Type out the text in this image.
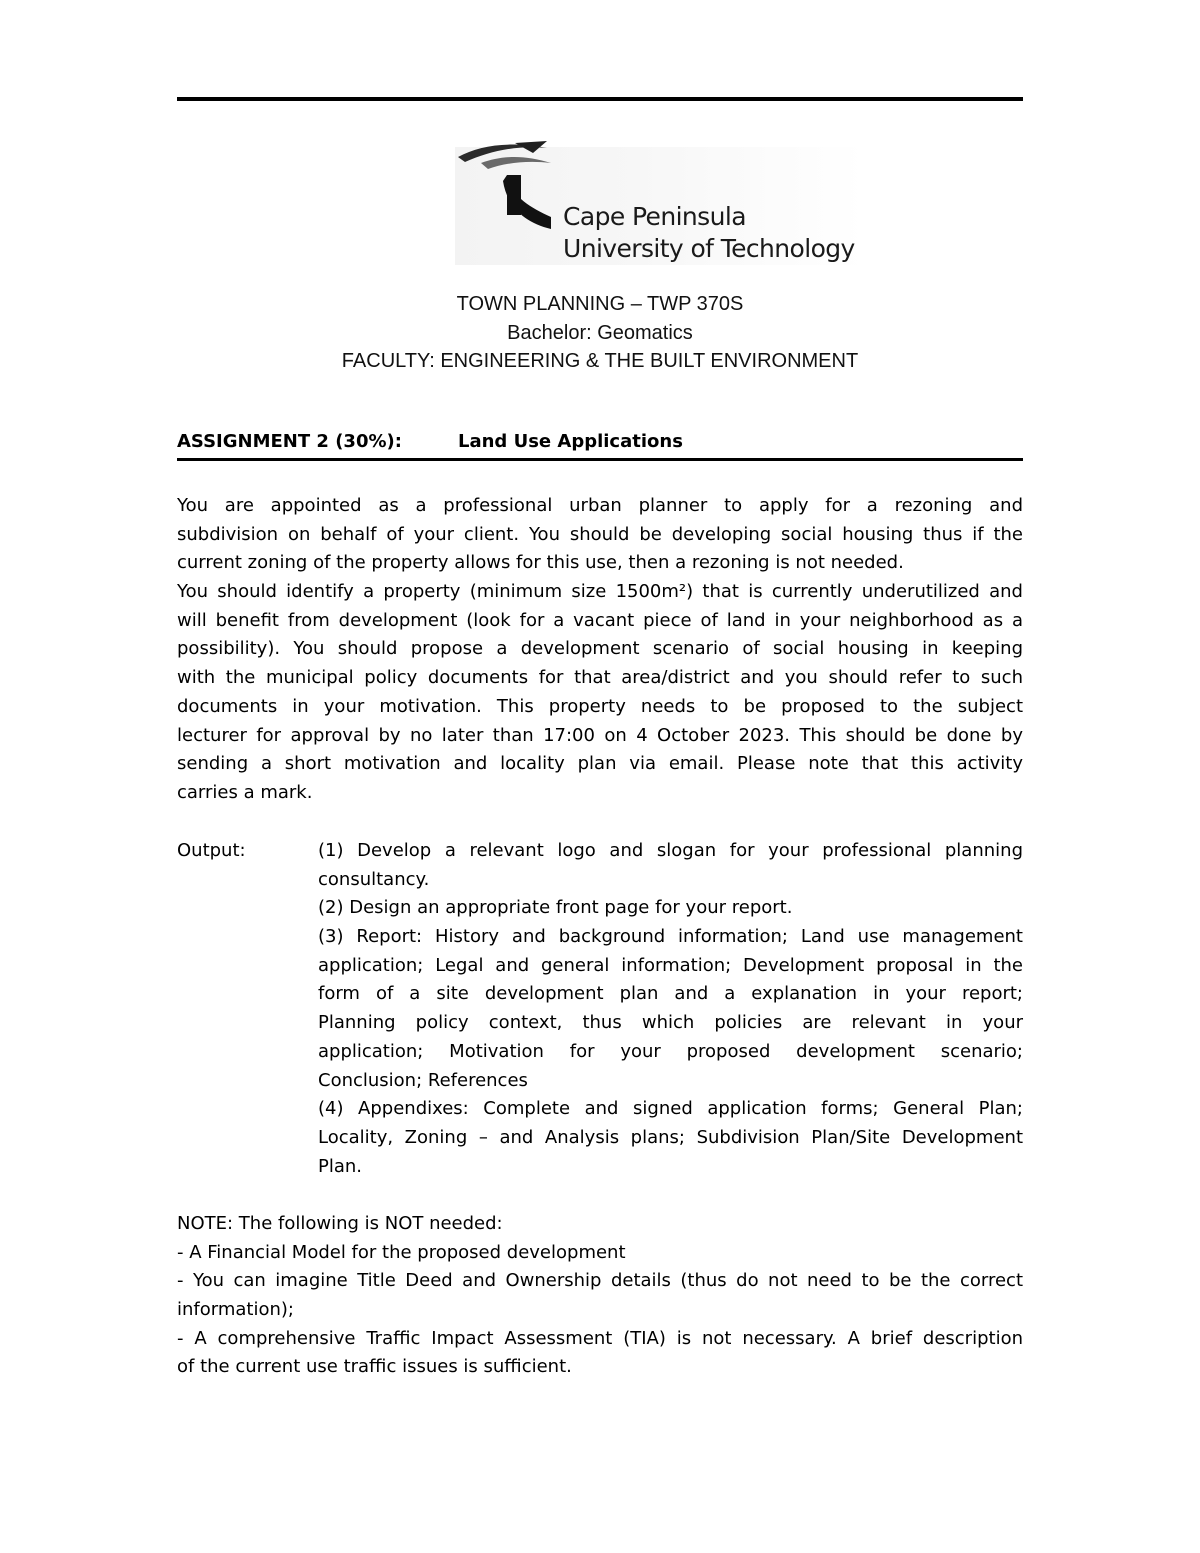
Cape Peninsula
University of Technology
TOWN PLANNING – TWP 370S
Bachelor: Geomatics
FACULTY: ENGINEERING & THE BUILT ENVIRONMENT
ASSIGNMENT 2 (30%):	Land Use Applications
You are appointed as a professional urban planner to apply for a rezoning and
subdivision on behalf of your client. You should be developing social housing thus if the
current zoning of the property allows for this use, then a rezoning is not needed.
You should identify a property (minimum size 1500m²) that is currently underutilized and
will benefit from development (look for a vacant piece of land in your neighborhood as a
possibility). You should propose a development scenario of social housing in keeping
with the municipal policy documents for that area/district and you should refer to such
documents in your motivation. This property needs to be proposed to the subject
lecturer for approval by no later than 17:00 on 4 October 2023. This should be done by
sending a short motivation and locality plan via email. Please note that this activity
carries a mark.
Output:	(1) Develop a relevant logo and slogan for your professional planning
consultancy.
(2) Design an appropriate front page for your report.
(3) Report: History and background information; Land use management
application; Legal and general information; Development proposal in the
form of a site development plan and a explanation in your report;
Planning policy context, thus which policies are relevant in your
application; Motivation for your proposed development scenario;
Conclusion; References
(4) Appendixes: Complete and signed application forms; General Plan;
Locality, Zoning – and Analysis plans; Subdivision Plan/Site Development
Plan.
NOTE: The following is NOT needed:
- A Financial Model for the proposed development
- You can imagine Title Deed and Ownership details (thus do not need to be the correct
information);
- A comprehensive Traffic Impact Assessment (TIA) is not necessary. A brief description
of the current use traffic issues is sufficient.
